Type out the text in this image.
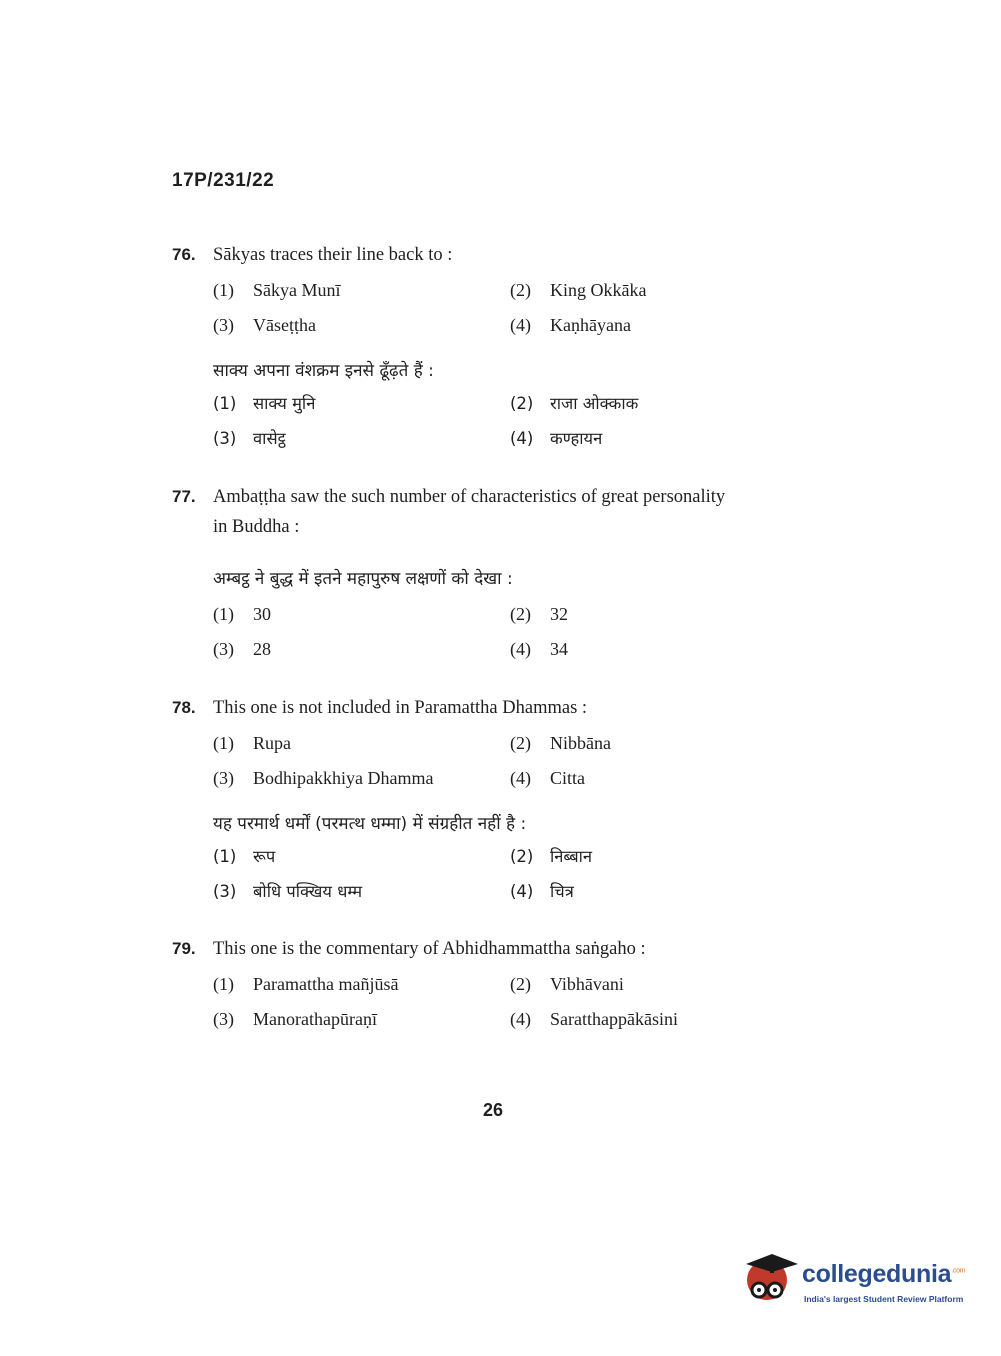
17P/231/22
76. Sākyas traces their line back to :
(1) Sākya Munī	(2) King Okkāka
(3) Vāseṭṭha	(4) Kaṇhāyana
साक्य अपना वंशक्रम इनसे ढूँढ़ते हैं :
(1) साक्य मुनि	(2) राजा ओक्काक
(3) वासेट्ठ	(4) कण्हायन
77. Ambaṭṭha saw the such number of characteristics of great personality
in Buddha :
अम्बट्ठ ने बुद्ध में इतने महापुरुष लक्षणों को देखा :
(1) 30	(2) 32
(3) 28	(4) 34
78. This one is not included in Paramattha Dhammas :
(1) Rupa	(2) Nibbāna
(3) Bodhipakkhiya Dhamma	(4) Citta
यह परमार्थ धर्मों (परमत्थ धम्मा) में संग्रहीत नहीं है :
(1) रूप	(2) निब्बान
(3) बोधि पक्खिय धम्म	(4) चित्र
79. This one is the commentary of Abhidhammattha saṅgaho :
(1) Paramattha mañjūsā	(2) Vibhāvani
(3) Manorathapūraṇī	(4) Saratthappākāsini
26
collegedunia$^{.com}$
India's largest Student Review Platform
